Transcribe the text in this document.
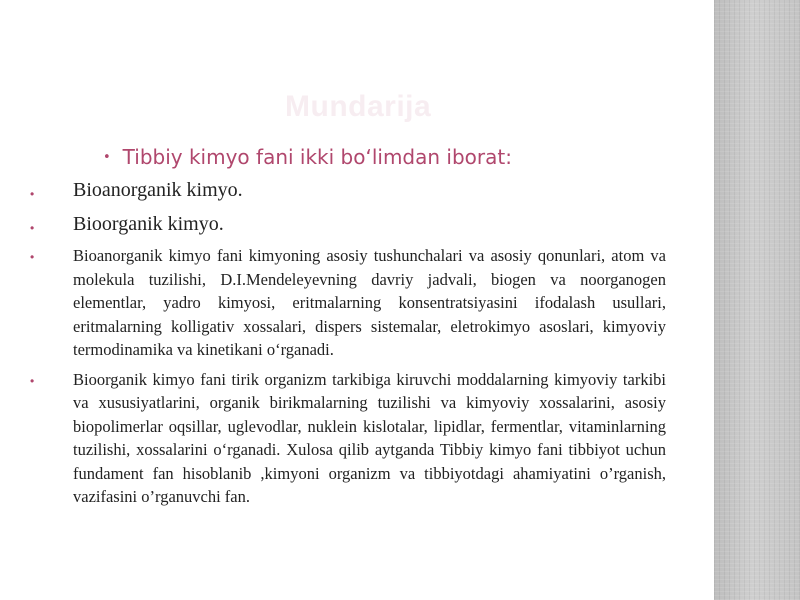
Mundarija
• Tibbiy kimyo fani ikki bo‘limdan iborat:
• Bioanorganik kimyo.
• Bioorganik kimyo.
• Bioanorganik kimyo fani kimyoning asosiy tushunchalari va asosiy qonunlari, atom va molekula tuzilishi, D.I.Mendeleyevning davriy jadvali, biogen va noorganogen elementlar, yadro kimyosi, eritmalarning konsentratsiyasini ifodalash usullari, eritmalarning kolligativ xossalari, dispers sistemalar, eletrokimyo asoslari, kimyoviy termodinamika va kinetikani o‘rganadi.
• Bioorganik kimyo fani tirik organizm tarkibiga kiruvchi moddalarning kimyoviy tarkibi va xususiyatlarini, organik birikmalarning tuzilishi va kimyoviy xossalarini, asosiy biopolimerlar oqsillar, uglevodlar, nuklein kislotalar, lipidlar, fermentlar, vitaminlarning tuzilishi, xossalarini o‘rganadi. Xulosa qilib aytganda Tibbiy kimyo fani tibbiyot uchun fundament fan hisoblanib ,kimyoni organizm va tibbiyotdagi ahamiyatini o’rganish, vazifasini o’rganuvchi fan.
